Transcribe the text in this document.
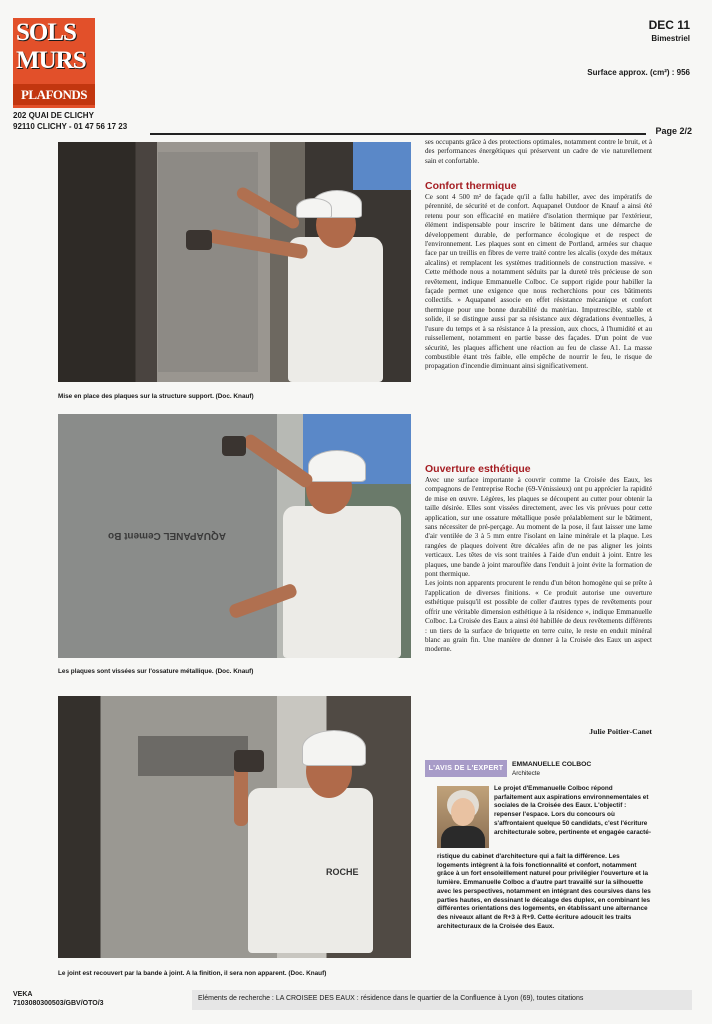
SOLS
MURS
PLAFONDS
202 QUAI DE CLICHY
92110 CLICHY - 01 47 56 17 23
DEC 11
Bimestriel
Surface approx. (cm²) : 956
Page 2/2
Mise en place des plaques sur la structure support. (Doc. Knauf)
AQUAPANEL Cement Bo
Les plaques sont vissées sur l'ossature métallique. (Doc. Knauf)
ROCHE
Le joint est recouvert par la bande à joint. A la finition, il sera non apparent. (Doc. Knauf)

ses occupants grâce à des protections optimales, notamment contre le bruit, et à des performances énergétiques qui préservent un cadre de vie naturellement sain et confortable.

Confort thermique

Ce sont 4 500 m² de façade qu'il a fallu habiller, avec des impératifs de pérennité, de sécurité et de confort. Aquapanel Outdoor de Knauf a ainsi été retenu pour son efficacité en matière d'isolation thermique par l'extérieur, élément indispensable pour inscrire le bâtiment dans une démarche de développement durable, de performance écologique et de respect de l'environnement. Les plaques sont en ciment de Portland, armées sur chaque face par un treillis en fibres de verre traité contre les alcalis (oxyde des métaux alcalins) et remplacent les systèmes traditionnels de construction massive. « Cette méthode nous a notamment séduits par la dureté très précieuse de son revêtement, indique Emmanuelle Colboc. Ce support rigide pour habiller la façade permet une exigence que nous recherchions pour ces bâtiments collectifs. » Aquapanel associe en effet résistance mécanique et confort thermique pour une bonne durabilité du matériau. Imputrescible, stable et solide, il se distingue aussi par sa résistance aux dégradations éventuelles, à l'usure du temps et à sa résistance à la pression, aux chocs, à l'humidité et au ruissellement, notamment en partie basse des façades. D'un point de vue sécurité, les plaques affichent une réaction au feu de classe A1. La masse combustible étant très faible, elle empêche de nourrir le feu, le risque de propagation d'incendie diminuant ainsi significativement.

Ouverture esthétique

Avec une surface importante à couvrir comme la Croisée des Eaux, les compagnons de l'entreprise Roche (69-Vénissieux) ont pu apprécier la rapidité de mise en œuvre. Légères, les plaques se découpent au cutter pour obtenir la taille désirée. Elles sont vissées directement, avec les vis prévues pour cette application, sur une ossature métallique posée préalablement sur le bâtiment, sans nécessiter de pré-perçage. Au moment de la pose, il faut laisser une lame d'air ventilée de 3 à 5 mm entre l'isolant en laine minérale et la plaque. Les rangées de plaques doivent être décalées afin de ne pas aligner les joints verticaux. Les têtes de vis sont traitées à l'aide d'un enduit à joint. Entre les plaques, une bande à joint marouflée dans l'enduit à joint évite la formation de pont thermique.

Les joints non apparents procurent le rendu d'un béton homogène qui se prête à l'application de diverses finitions. « Ce produit autorise une ouverture esthétique puisqu'il est possible de coller d'autres types de revêtements pour offrir une véritable dimension esthétique à la résidence », indique Emmanuelle Colboc. La Croisée des Eaux a ainsi été habillée de deux revêtements différents : un tiers de la surface de briquette en terre cuite, le reste en enduit minéral blanc au grain fin. Une manière de donner à la Croisée des Eaux un aspect moderne.

Julie Poitier-Canet
L'AVIS DE L'EXPERT
EMMANUELLE COLBOC
Architecte
Le projet d'Emmanuelle Colboc répond parfaitement aux aspirations environnementales et sociales de la Croisée des Eaux. L'objectif : repenser l'espace. Lors du concours où s'affrontaient quelque 50 candidats, c'est l'écriture architecturale sobre, pertinente et engagée caracté-
ristique du cabinet d'architecture qui a fait la différence. Les logements intègrent à la fois fonctionnalité et confort, notamment grâce à un fort ensoleillement naturel pour privilégier l'ouverture et la lumière. Emmanuelle Colboc a d'autre part travaillé sur la silhouette avec les perspectives, notamment en intégrant des coursives dans les parties hautes, en dessinant le décalage des duplex, en combinant les différentes orientations des logements, en établissant une alternance des niveaux allant de R+3 à R+9. Cette écriture adoucit les traits architecturaux de la Croisée des Eaux.
VEKA
7103080300503/GBV/OTO/3
Eléments de recherche : LA CROISEE DES EAUX : résidence dans le quartier de la Confluence à Lyon (69), toutes citations
